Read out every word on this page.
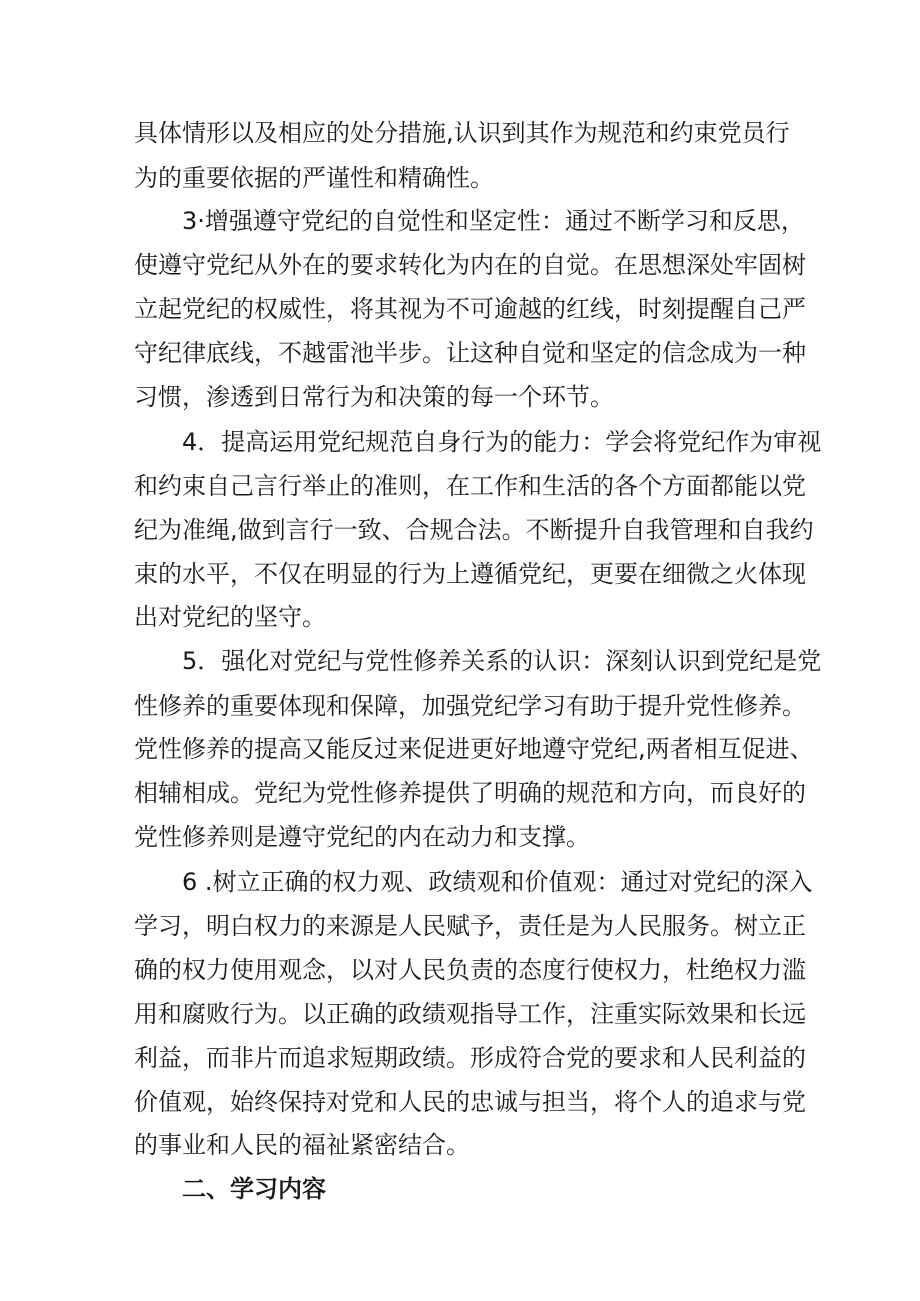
具体情形以及相应的处分措施,认识到其作为规范和约束党员行
为的重要依据的严谨性和精确性。
3·增强遵守党纪的自觉性和坚定性：通过不断学习和反思，
使遵守党纪从外在的要求转化为内在的自觉。在思想深处牢固树
立起党纪的权威性，将其视为不可逾越的红线，时刻提醒自己严
守纪律底线，不越雷池半步。让这种自觉和坚定的信念成为一种
习惯，渗透到日常行为和决策的每一个环节。
4．提高运用党纪规范自身行为的能力：学会将党纪作为审视
和约束自己言行举止的准则，在工作和生活的各个方面都能以党
纪为准绳,做到言行一致、合规合法。不断提升自我管理和自我约
束的水平，不仅在明显的行为上遵循党纪，更要在细微之火体现
出对党纪的坚守。
5．强化对党纪与党性修养关系的认识：深刻认识到党纪是党
性修养的重要体现和保障，加强党纪学习有助于提升党性修养。
党性修养的提高又能反过来促进更好地遵守党纪,两者相互促进、
相辅相成。党纪为党性修养提供了明确的规范和方向，而良好的
党性修养则是遵守党纪的内在动力和支撑。
6 .树立正确的权力观、政绩观和价值观：通过对党纪的深入
学习，明白权力的来源是人民赋予，责任是为人民服务。树立正
确的权力使用观念，以对人民负责的态度行使权力，杜绝权力滥
用和腐败行为。以正确的政绩观指导工作，注重实际效果和长远
利益，而非片而追求短期政绩。形成符合党的要求和人民利益的
价值观，始终保持对党和人民的忠诚与担当，将个人的追求与党
的事业和人民的福祉紧密结合。
二、学习内容
